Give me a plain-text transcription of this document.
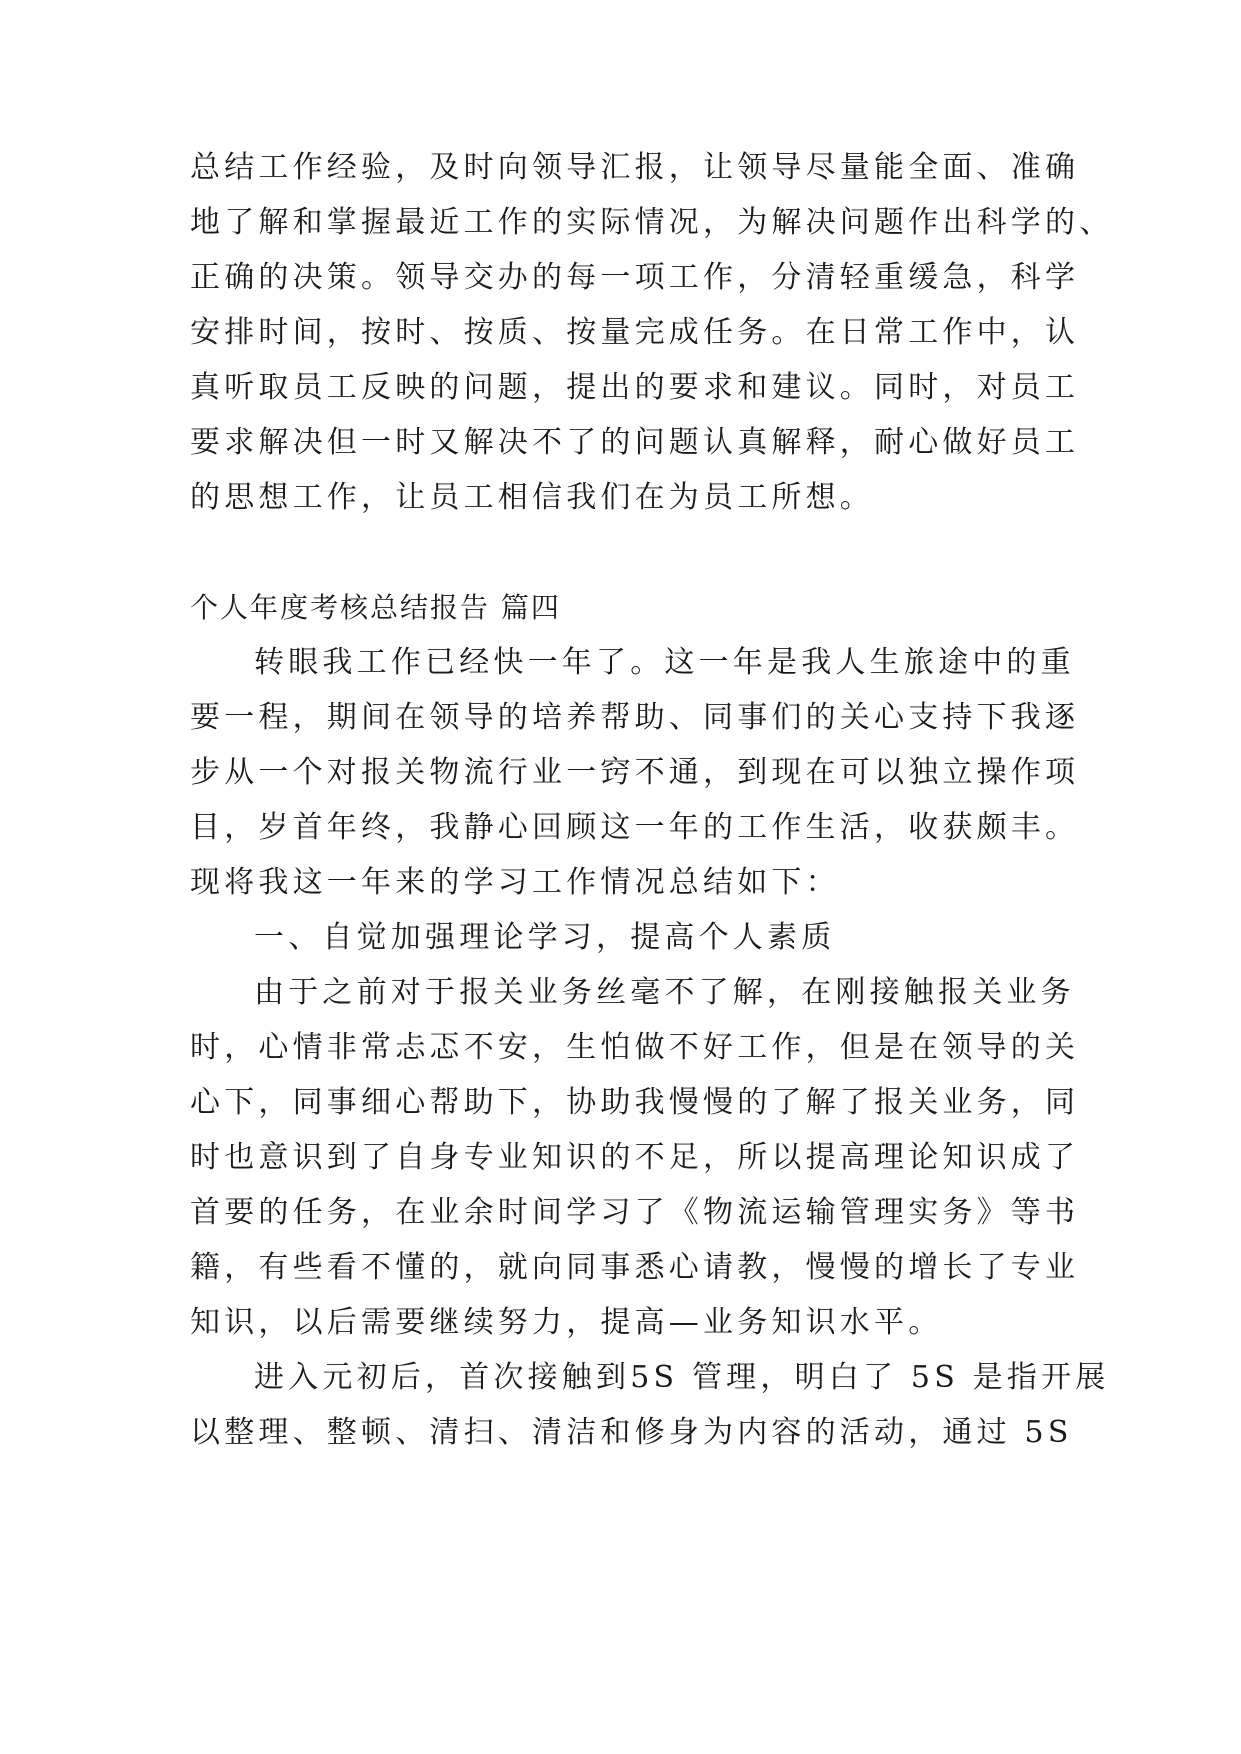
总结工作经验，及时向领导汇报，让领导尽量能全面、准确
地了解和掌握最近工作的实际情况，为解决问题作出科学的、
正确的决策。领导交办的每一项工作，分清轻重缓急，科学
安排时间，按时、按质、按量完成任务。在日常工作中，认
真听取员工反映的问题，提出的要求和建议。同时，对员工
要求解决但一时又解决不了的问题认真解释，耐心做好员工
的思想工作，让员工相信我们在为员工所想。
个人年度考核总结报告 篇四
转眼我工作已经快一年了。这一年是我人生旅途中的重
要一程，期间在领导的培养帮助、同事们的关心支持下我逐
步从一个对报关物流行业一窍不通，到现在可以独立操作项
目，岁首年终，我静心回顾这一年的工作生活，收获颇丰。
现将我这一年来的学习工作情况总结如下：
一、自觉加强理论学习，提高个人素质
由于之前对于报关业务丝毫不了解，在刚接触报关业务
时，心情非常忐忑不安，生怕做不好工作，但是在领导的关
心下，同事细心帮助下，协助我慢慢的了解了报关业务，同
时也意识到了自身专业知识的不足，所以提高理论知识成了
首要的任务，在业余时间学习了《物流运输管理实务》等书
籍，有些看不懂的，就向同事悉心请教，慢慢的增长了专业
知识，以后需要继续努力，提高—业务知识水平。
进入元初后，首次接触到5S 管理，明白了 5S 是指开展
以整理、整顿、清扫、清洁和修身为内容的活动，通过 5S
